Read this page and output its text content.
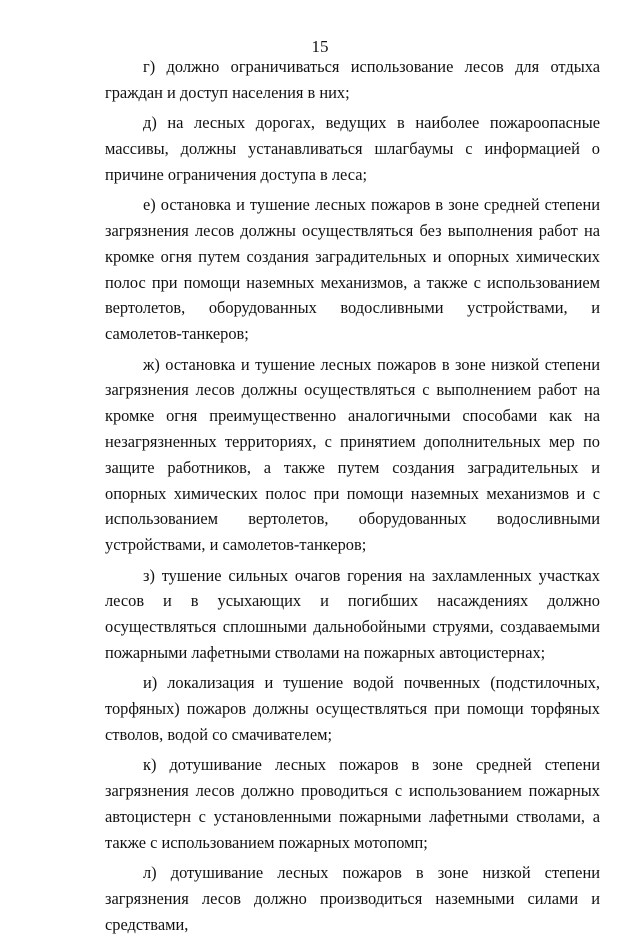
15

г) должно ограничиваться использование лесов для отдыха граждан и доступ населения в них;

д) на лесных дорогах, ведущих в наиболее пожароопасные массивы, должны устанавливаться шлагбаумы с информацией о причине ограничения доступа в леса;

е) остановка и тушение лесных пожаров в зоне средней степени загрязнения лесов должны осуществляться без выполнения работ на кромке огня путем создания заградительных и опорных химических полос при помощи наземных механизмов, а также с использованием вертолетов, оборудованных водосливными устройствами, и самолетов-танкеров;

ж) остановка и тушение лесных пожаров в зоне низкой степени загрязнения лесов должны осуществляться с выполнением работ на кромке огня преимущественно аналогичными способами как на незагрязненных территориях, с принятием дополнительных мер по защите работников, а также путем создания заградительных и опорных химических полос при помощи наземных механизмов и с использованием вертолетов, оборудованных водосливными устройствами, и самолетов-танкеров;

з) тушение сильных очагов горения на захламленных участках лесов и в усыхающих и погибших насаждениях должно осуществляться сплошными дальнобойными струями, создаваемыми пожарными лафетными стволами на пожарных автоцистернах;

и) локализация и тушение водой почвенных (подстилочных, торфяных) пожаров должны осуществляться при помощи торфяных стволов, водой со смачивателем;

к) дотушивание лесных пожаров в зоне средней степени загрязнения лесов должно проводиться с использованием пожарных автоцистерн с установленными пожарными лафетными стволами, а также с использованием пожарных мотопомп;

л) дотушивание лесных пожаров в зоне низкой степени загрязнения лесов должно производиться наземными силами и средствами,
